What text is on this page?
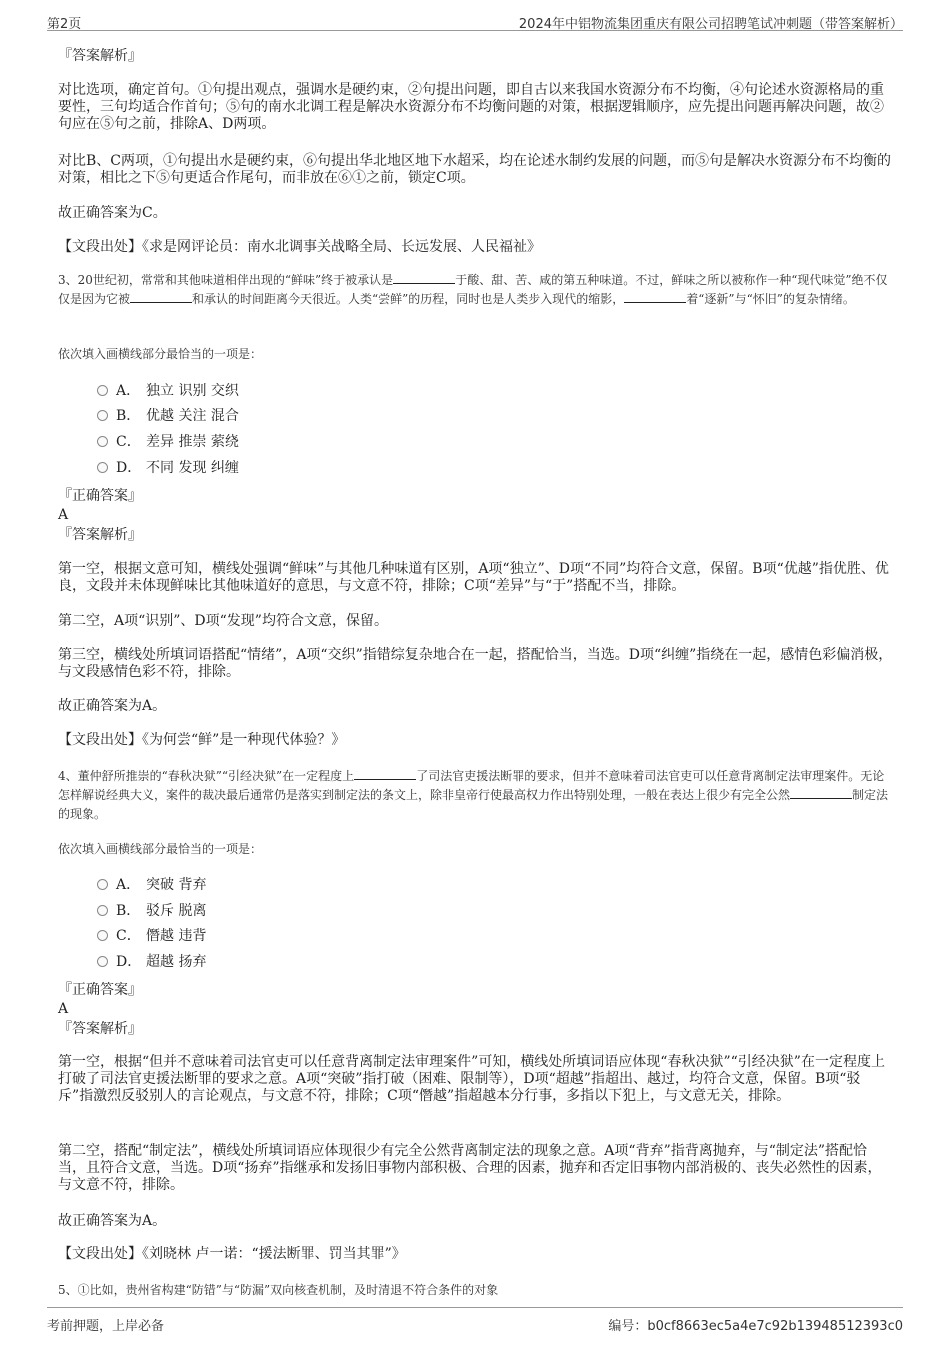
第2页	2024年中铝物流集团重庆有限公司招聘笔试冲刺题（带答案解析）

『答案解析』

对比选项，确定首句。①句提出观点，强调水是硬约束，②句提出问题，即自古以来我国水资源分布不均衡，④句论述水资源格局的重要性，三句均适合作首句；⑤句的南水北调工程是解决水资源分布不均衡问题的对策，根据逻辑顺序，应先提出问题再解决问题，故②句应在⑤句之前，排除A、D两项。

对比B、C两项，①句提出水是硬约束，⑥句提出华北地区地下水超采，均在论述水制约发展的问题，而⑤句是解决水资源分布不均衡的对策，相比之下⑤句更适合作尾句，而非放在⑥①之前，锁定C项。

故正确答案为C。

【文段出处】《求是网评论员：南水北调事关战略全局、长远发展、人民福祉》

3、20世纪初，常常和其他味道相伴出现的“鲜味”终于被承认是	于酸、甜、苦、咸的第五种味道。不过，鲜味之所以被称作一种“现代味觉”绝不仅仅是因为它被	和承认的时间距离今天很近。人类“尝鲜”的历程，同时也是人类步入现代的缩影，	着“逐新”与“怀旧”的复杂情绪。

依次填入画横线部分最恰当的一项是：

A． 独立 识别 交织
B． 优越 关注 混合
C． 差异 推崇 萦绕
D． 不同 发现 纠缠

『正确答案』

A

『答案解析』

第一空，根据文意可知，横线处强调“鲜味”与其他几种味道有区别，A项“独立”、D项“不同”均符合文意，保留。B项“优越”指优胜、优良，文段并未体现鲜味比其他味道好的意思，与文意不符，排除；C项“差异”与“于”搭配不当，排除。

第二空，A项“识别”、D项“发现”均符合文意，保留。

第三空，横线处所填词语搭配“情绪”，A项“交织”指错综复杂地合在一起，搭配恰当，当选。D项“纠缠”指绕在一起，感情色彩偏消极，与文段感情色彩不符，排除。

故正确答案为A。

【文段出处】《为何尝“鲜”是一种现代体验？》

4、董仲舒所推崇的“春秋决狱”“引经决狱”在一定程度上	了司法官吏援法断罪的要求，但并不意味着司法官吏可以任意背离制定法审理案件。无论怎样解说经典大义，案件的裁决最后通常仍是落实到制定法的条文上，除非皇帝行使最高权力作出特别处理，一般在表达上很少有完全公然	制定法的现象。

依次填入画横线部分最恰当的一项是：

A． 突破 背弃
B． 驳斥 脱离
C． 僭越 违背
D． 超越 扬弃

『正确答案』

A

『答案解析』

第一空，根据“但并不意味着司法官吏可以任意背离制定法审理案件”可知，横线处所填词语应体现“春秋决狱”“引经决狱”在一定程度上打破了司法官吏援法断罪的要求之意。A项“突破”指打破（困难、限制等），D项“超越”指超出、越过，均符合文意，保留。B项“驳斥”指激烈反驳别人的言论观点，与文意不符，排除；C项“僭越”指超越本分行事，多指以下犯上，与文意无关，排除。

第二空，搭配“制定法”，横线处所填词语应体现很少有完全公然背离制定法的现象之意。A项“背弃”指背离抛弃，与“制定法”搭配恰当，且符合文意，当选。D项“扬弃”指继承和发扬旧事物内部积极、合理的因素，抛弃和否定旧事物内部消极的、丧失必然性的因素，与文意不符，排除。

故正确答案为A。

【文段出处】《刘晓林 卢一诺：“援法断罪、罚当其罪”》

5、①比如，贵州省构建“防错”与“防漏”双向核查机制，及时清退不符合条件的对象

考前押题，上岸必备	编号：b0cf8663ec5a4e7c92b13948512393c0
